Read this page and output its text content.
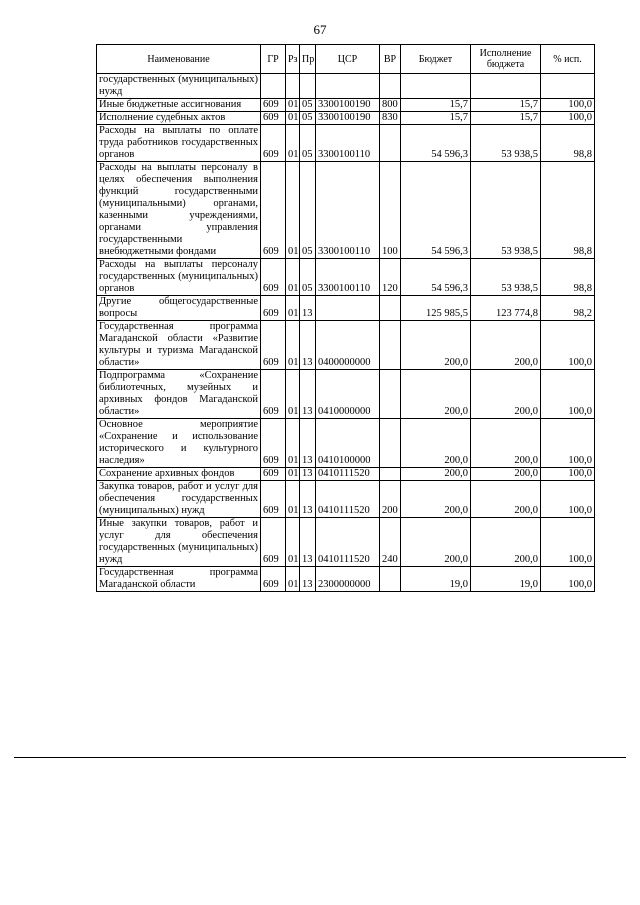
67
Наименование	ГР	Рз	Пр	ЦСР	ВР	Бюджет	Исполнение бюджета	% исп.
государственных (муниципальных) нужд								
Иные бюджетные ассигнования	609	01	05	3300100190	800	15,7	15,7	100,0
Исполнение судебных актов	609	01	05	3300100190	830	15,7	15,7	100,0
Расходы на выплаты по оплате труда работников государственных органов	609	01	05	3300100110		54 596,3	53 938,5	98,8
Расходы на выплаты персоналу в целях обеспечения выполнения функций государственными (муниципальными) органами, казенными учреждениями, органами управления государственными внебюджетными фондами	609	01	05	3300100110	100	54 596,3	53 938,5	98,8
Расходы на выплаты персоналу государственных (муниципальных) органов	609	01	05	3300100110	120	54 596,3	53 938,5	98,8
Другие общегосударственные вопросы	609	01	13			125 985,5	123 774,8	98,2
Государственная программа Магаданской области «Развитие культуры и туризма Магаданской области»	609	01	13	0400000000		200,0	200,0	100,0
Подпрограмма «Сохранение библиотечных, музейных и архивных фондов Магаданской области»	609	01	13	0410000000		200,0	200,0	100,0
Основное мероприятие «Сохранение и использование исторического и культурного наследия»	609	01	13	0410100000		200,0	200,0	100,0
Сохранение архивных фондов	609	01	13	0410111520		200,0	200,0	100,0
Закупка товаров, работ и услуг для обеспечения государственных (муниципальных) нужд	609	01	13	0410111520	200	200,0	200,0	100,0
Иные закупки товаров, работ и услуг для обеспечения государственных (муниципальных) нужд	609	01	13	0410111520	240	200,0	200,0	100,0
Государственная программа Магаданской области	609	01	13	2300000000		19,0	19,0	100,0
